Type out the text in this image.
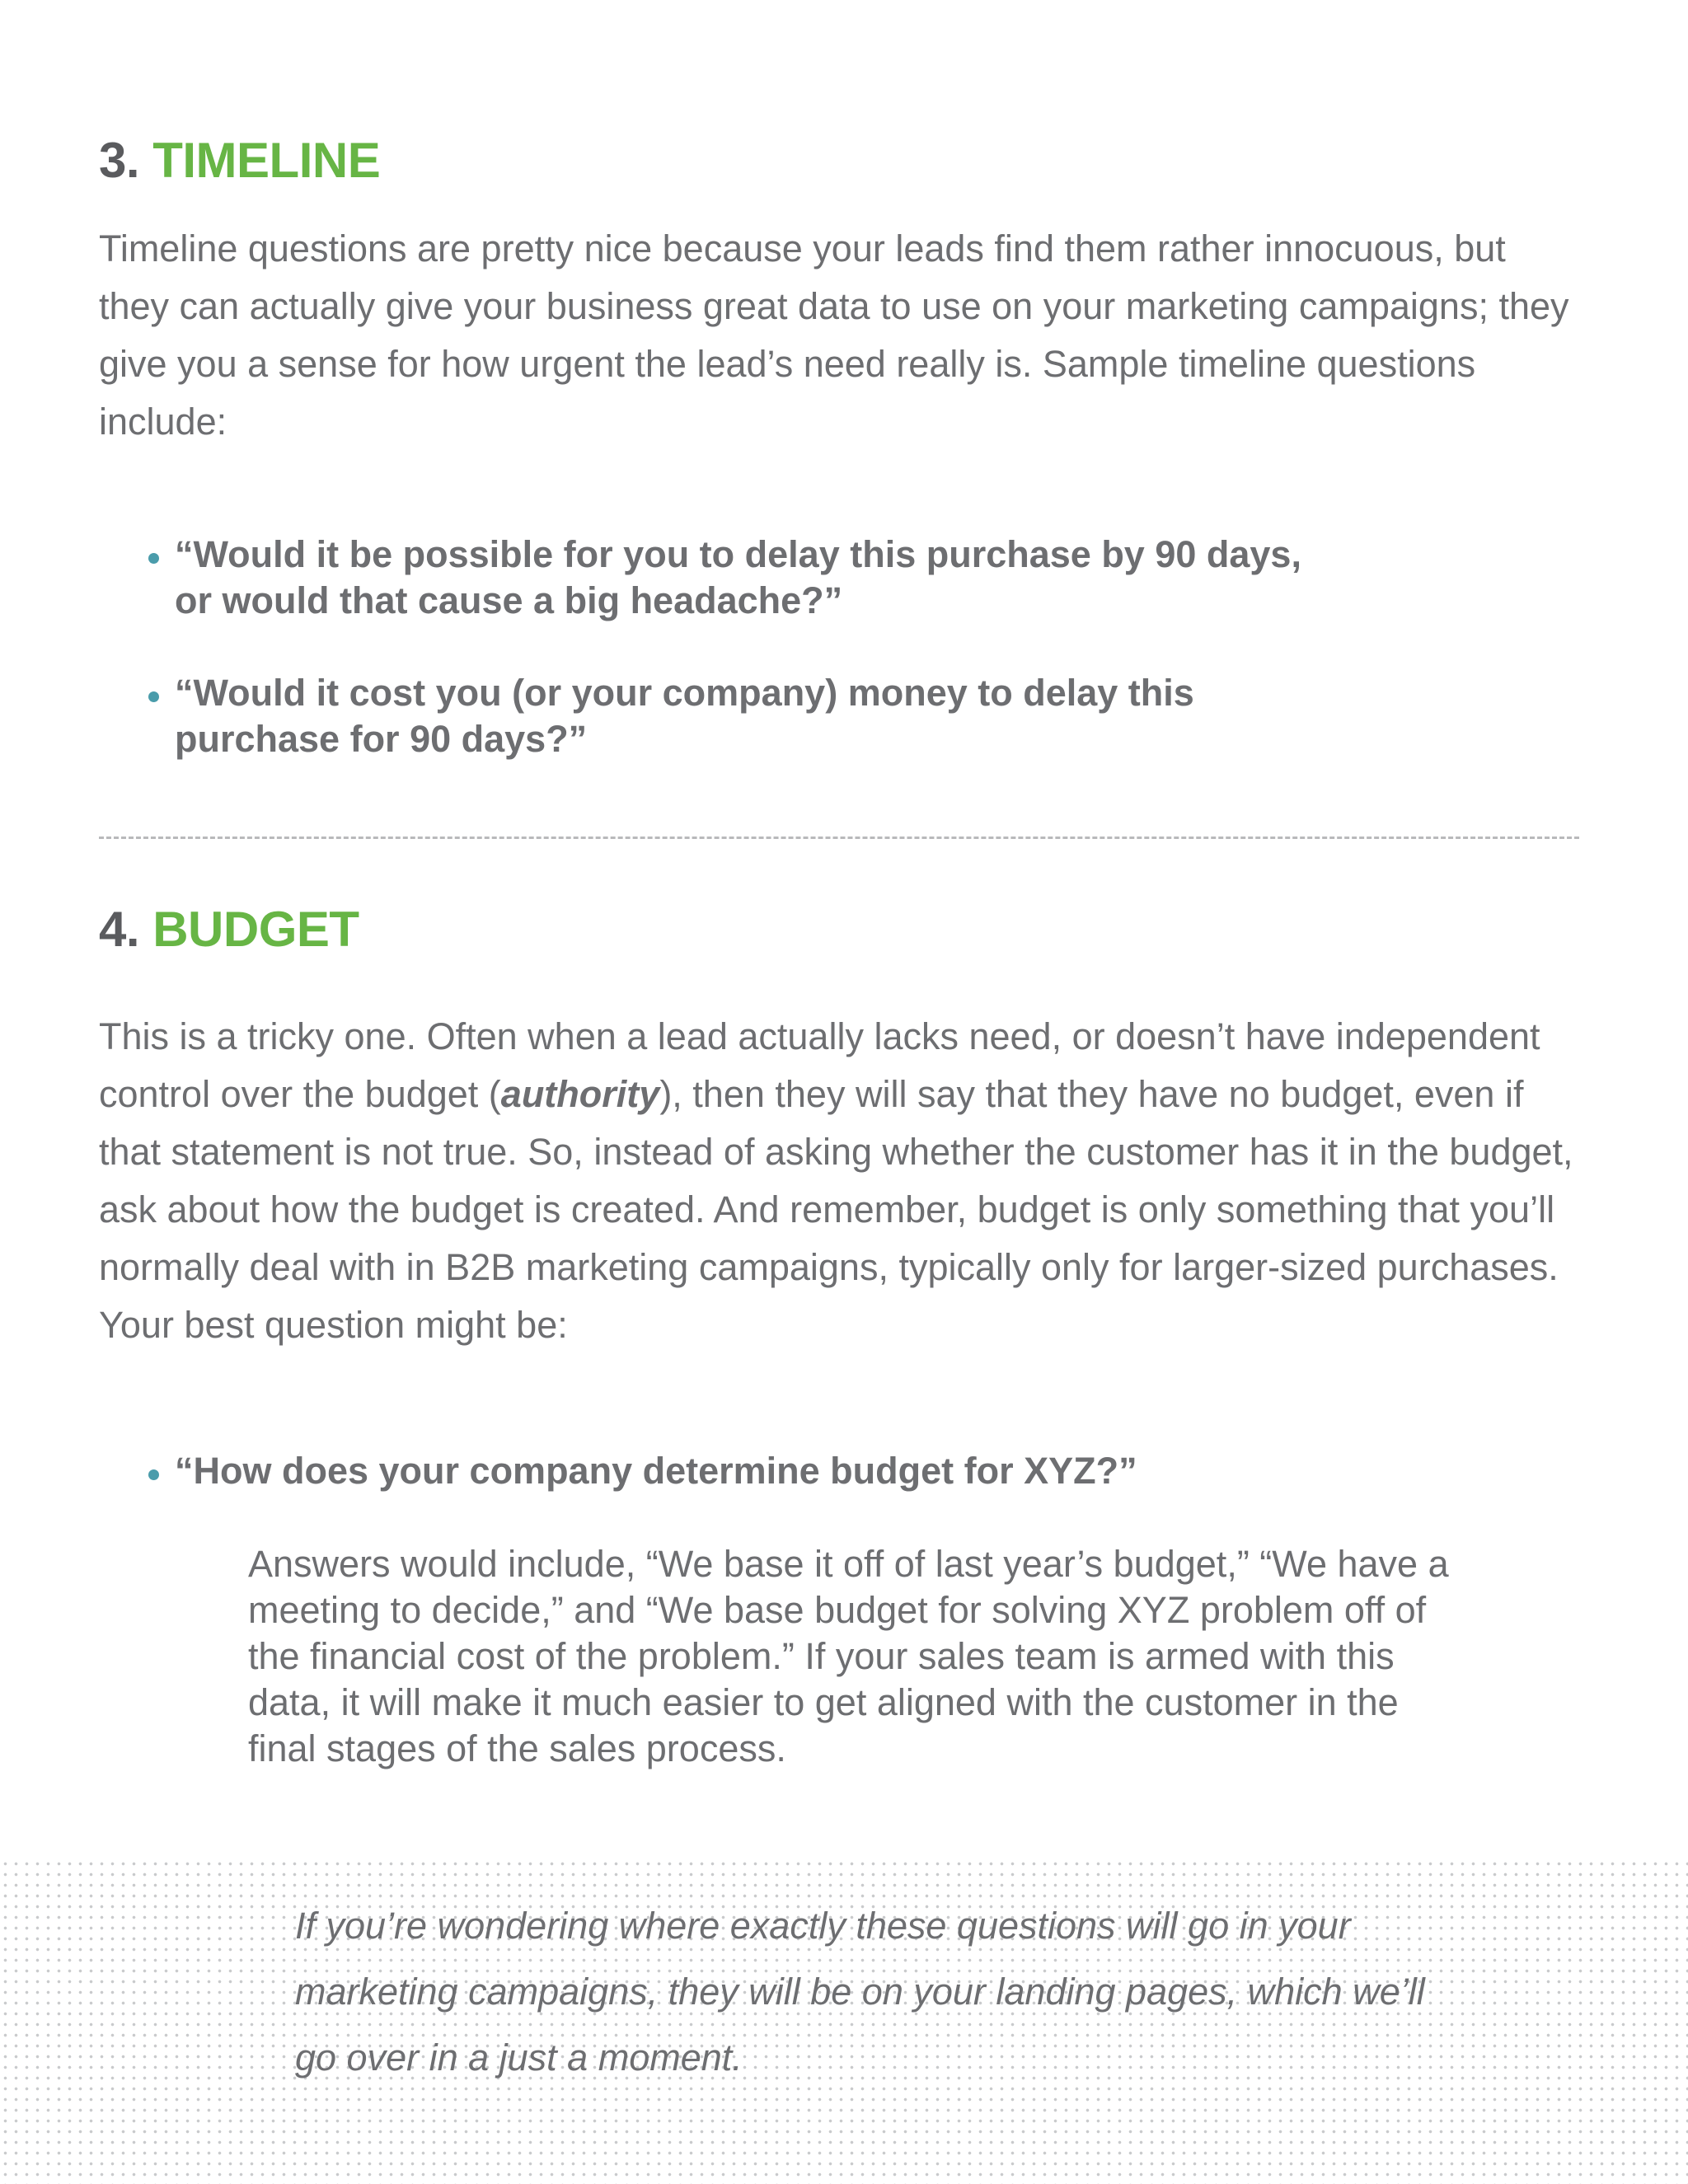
3. TIMELINE

Timeline questions are pretty nice because your leads find them rather innocuous, but they can actually give your business great data to use on your marketing campaigns; they give you a sense for how urgent the lead’s need really is. Sample timeline questions include:

“Would it be possible for you to delay this purchase by 90 days, or would that cause a big headache?”
“Would it cost you (or your company) money to delay this purchase for 90 days?”
4. BUDGET

This is a tricky one. Often when a lead actually lacks need, or doesn’t have independent control over the budget (authority), then they will say that they have no budget, even if that statement is not true. So, instead of asking whether the customer has it in the budget, ask about how the budget is created. And remember, budget is only something that you’ll normally deal with in B2B marketing campaigns, typically only for larger-sized purchases. Your best question might be:

“How does your company determine budget for XYZ?”
Answers would include, “We base it off of last year’s budget,” “We have a meeting to decide,” and “We base budget for solving XYZ problem off of the financial cost of the problem.” If your sales team is armed with this data, it will make it much easier to get aligned with the customer in the final stages of the sales process.

If you’re wondering where exactly these questions will go in your marketing campaigns, they will be on your landing pages, which we’ll go over in a just a moment.
